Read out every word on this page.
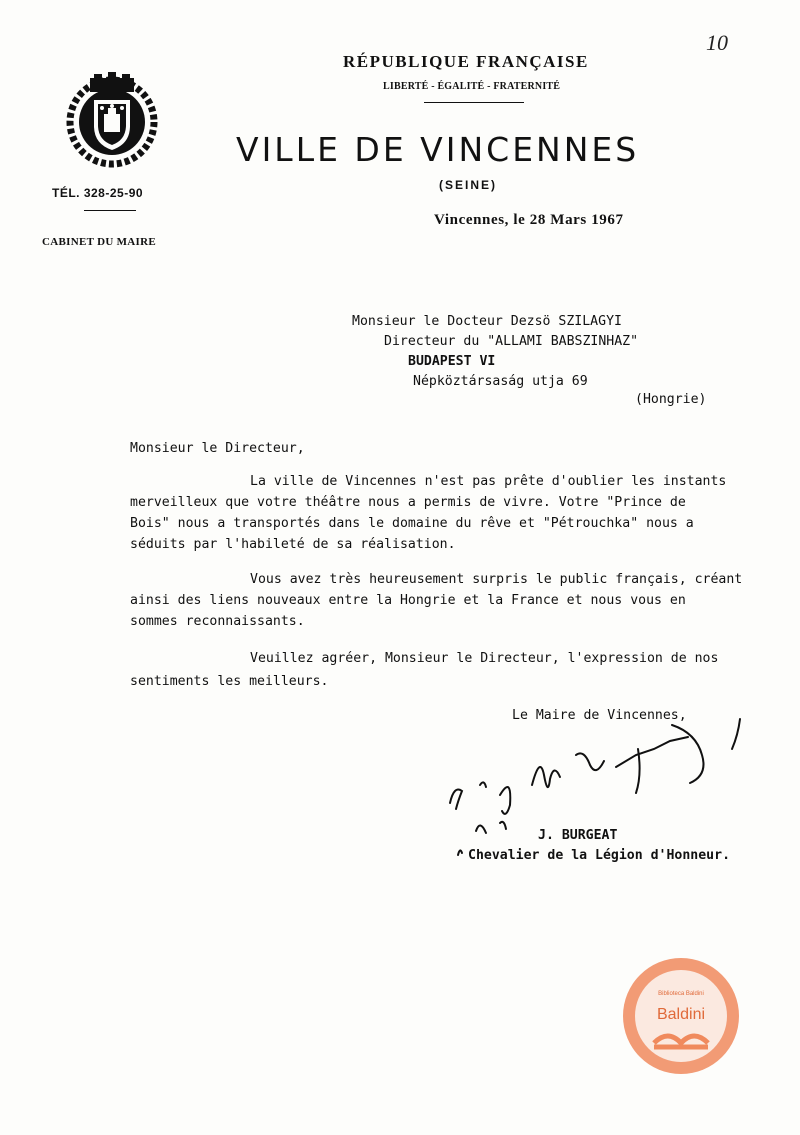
10
TÉL. 328-25-90
CABINET DU MAIRE
RÉPUBLIQUE FRANÇAISE
LIBERTÉ - ÉGALITÉ - FRATERNITÉ
VILLE DE VINCENNES
(SEINE)
Vincennes, le 28 Mars 1967
Monsieur le Docteur Dezsö SZILAGYI
Directeur du "ALLAMI BABSZINHAZ"
BUDAPEST VI
Népköztársaság utja 69
(Hongrie)
Monsieur le Directeur,
La ville de Vincennes n'est pas prête d'oublier les instants
merveilleux que votre théâtre nous a permis de vivre. Votre "Prince de
Bois" nous a transportés dans le domaine du rêve et "Pétrouchka" nous a
séduits par l'habileté de sa réalisation.
Vous avez très heureusement surpris le public français, créant
ainsi des liens nouveaux entre la Hongrie et la France et nous vous en
sommes reconnaissants.
Veuillez agréer, Monsieur le Directeur, l'expression de nos
sentiments les meilleurs.
Le Maire de Vincennes,
J. BURGEAT
Chevalier de la Légion d'Honneur.
Baldini
Biblioteca Baldini
